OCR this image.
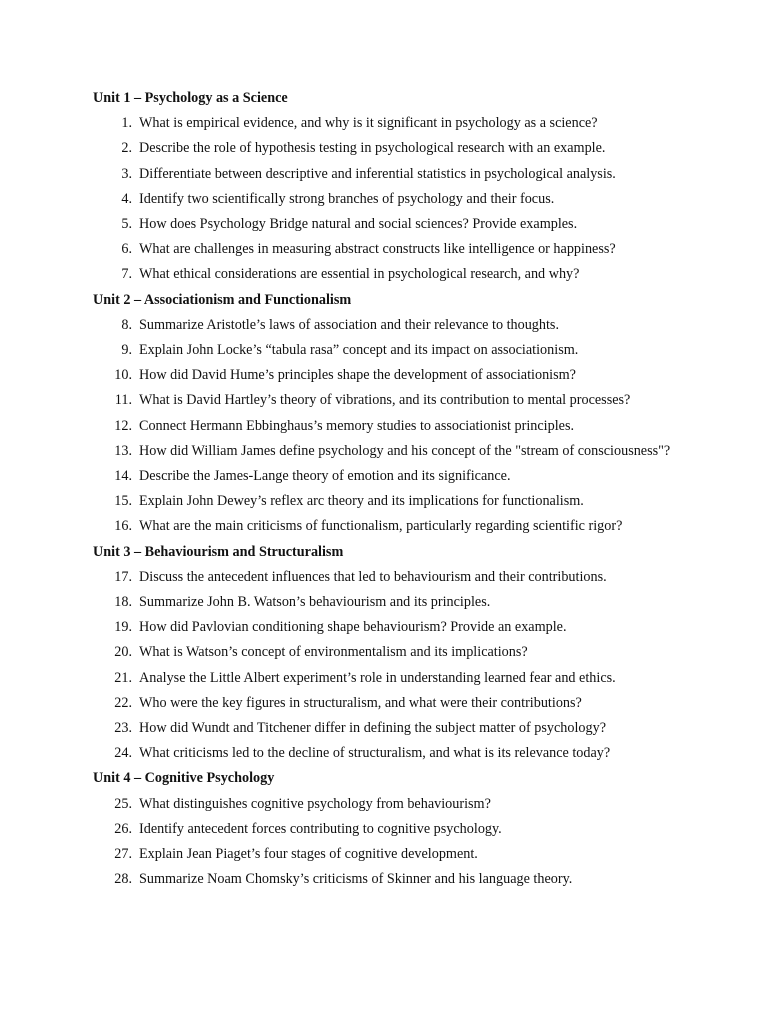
Unit 1 – Psychology as a Science
1. What is empirical evidence, and why is it significant in psychology as a science?
2. Describe the role of hypothesis testing in psychological research with an example.
3. Differentiate between descriptive and inferential statistics in psychological analysis.
4. Identify two scientifically strong branches of psychology and their focus.
5. How does Psychology Bridge natural and social sciences? Provide examples.
6. What are challenges in measuring abstract constructs like intelligence or happiness?
7. What ethical considerations are essential in psychological research, and why?
Unit 2 – Associationism and Functionalism
8. Summarize Aristotle’s laws of association and their relevance to thoughts.
9. Explain John Locke’s “tabula rasa” concept and its impact on associationism.
10. How did David Hume’s principles shape the development of associationism?
11. What is David Hartley’s theory of vibrations, and its contribution to mental processes?
12. Connect Hermann Ebbinghaus’s memory studies to associationist principles.
13. How did William James define psychology and his concept of the "stream of consciousness"?
14. Describe the James-Lange theory of emotion and its significance.
15. Explain John Dewey’s reflex arc theory and its implications for functionalism.
16. What are the main criticisms of functionalism, particularly regarding scientific rigor?
Unit 3 – Behaviourism and Structuralism
17. Discuss the antecedent influences that led to behaviourism and their contributions.
18. Summarize John B. Watson’s behaviourism and its principles.
19. How did Pavlovian conditioning shape behaviourism? Provide an example.
20. What is Watson’s concept of environmentalism and its implications?
21. Analyse the Little Albert experiment’s role in understanding learned fear and ethics.
22. Who were the key figures in structuralism, and what were their contributions?
23. How did Wundt and Titchener differ in defining the subject matter of psychology?
24. What criticisms led to the decline of structuralism, and what is its relevance today?
Unit 4 – Cognitive Psychology
25. What distinguishes cognitive psychology from behaviourism?
26. Identify antecedent forces contributing to cognitive psychology.
27. Explain Jean Piaget’s four stages of cognitive development.
28. Summarize Noam Chomsky’s criticisms of Skinner and his language theory.
